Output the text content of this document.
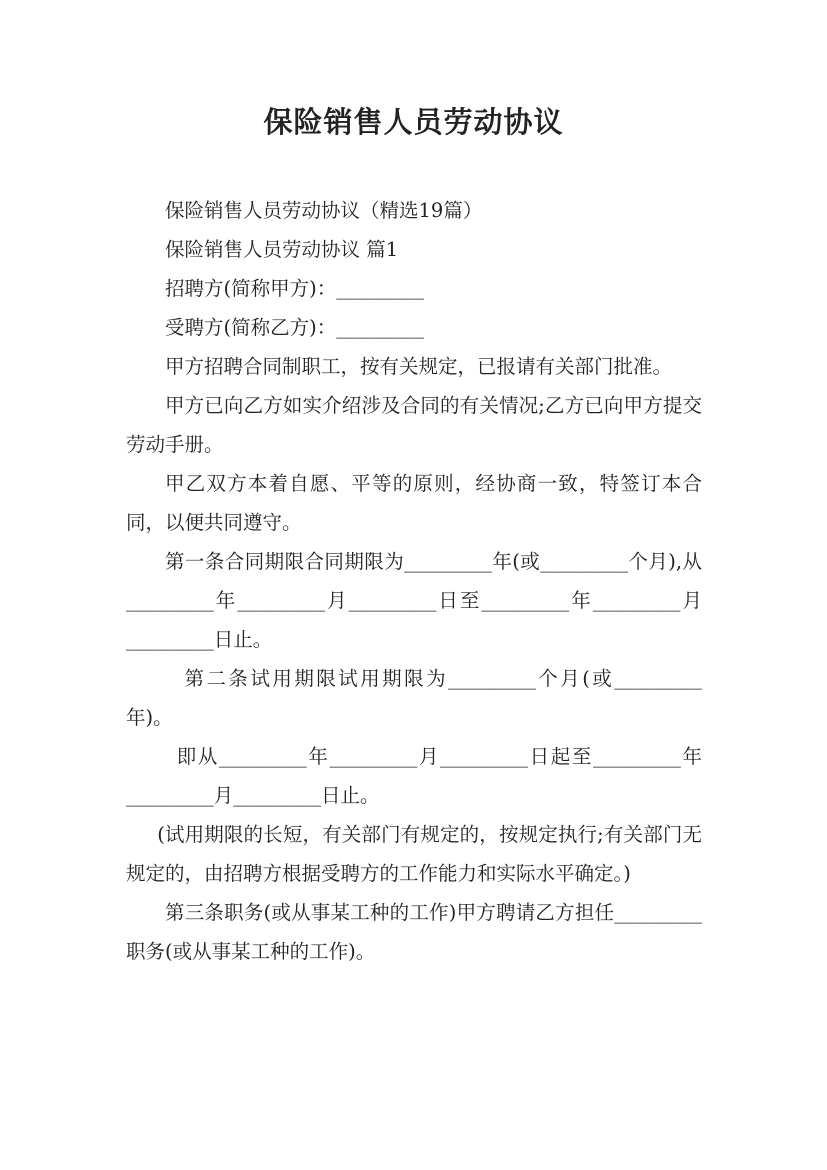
保险销售人员劳动协议

保险销售人员劳动协议（精选19篇）

保险销售人员劳动协议 篇1

招聘方(简称甲方)：_________

受聘方(简称乙方)：_________

甲方招聘合同制职工，按有关规定，已报请有关部门批准。

甲方已向乙方如实介绍涉及合同的有关情况;乙方已向甲方提交劳动手册。

甲乙双方本着自愿、平等的原则，经协商一致，特签订本合同，以便共同遵守。

第一条合同期限合同期限为_________年(或_________个月),从_________年_________月_________日至_________年_________月_________日止。

第二条试用期限试用期限为_________个月(或_________年)。

即从_________年_________月_________日起至_________年_________月_________日止。

(试用期限的长短，有关部门有规定的，按规定执行;有关部门无规定的，由招聘方根据受聘方的工作能力和实际水平确定。)

第三条职务(或从事某工种的工作)甲方聘请乙方担任_________职务(或从事某工种的工作)。
